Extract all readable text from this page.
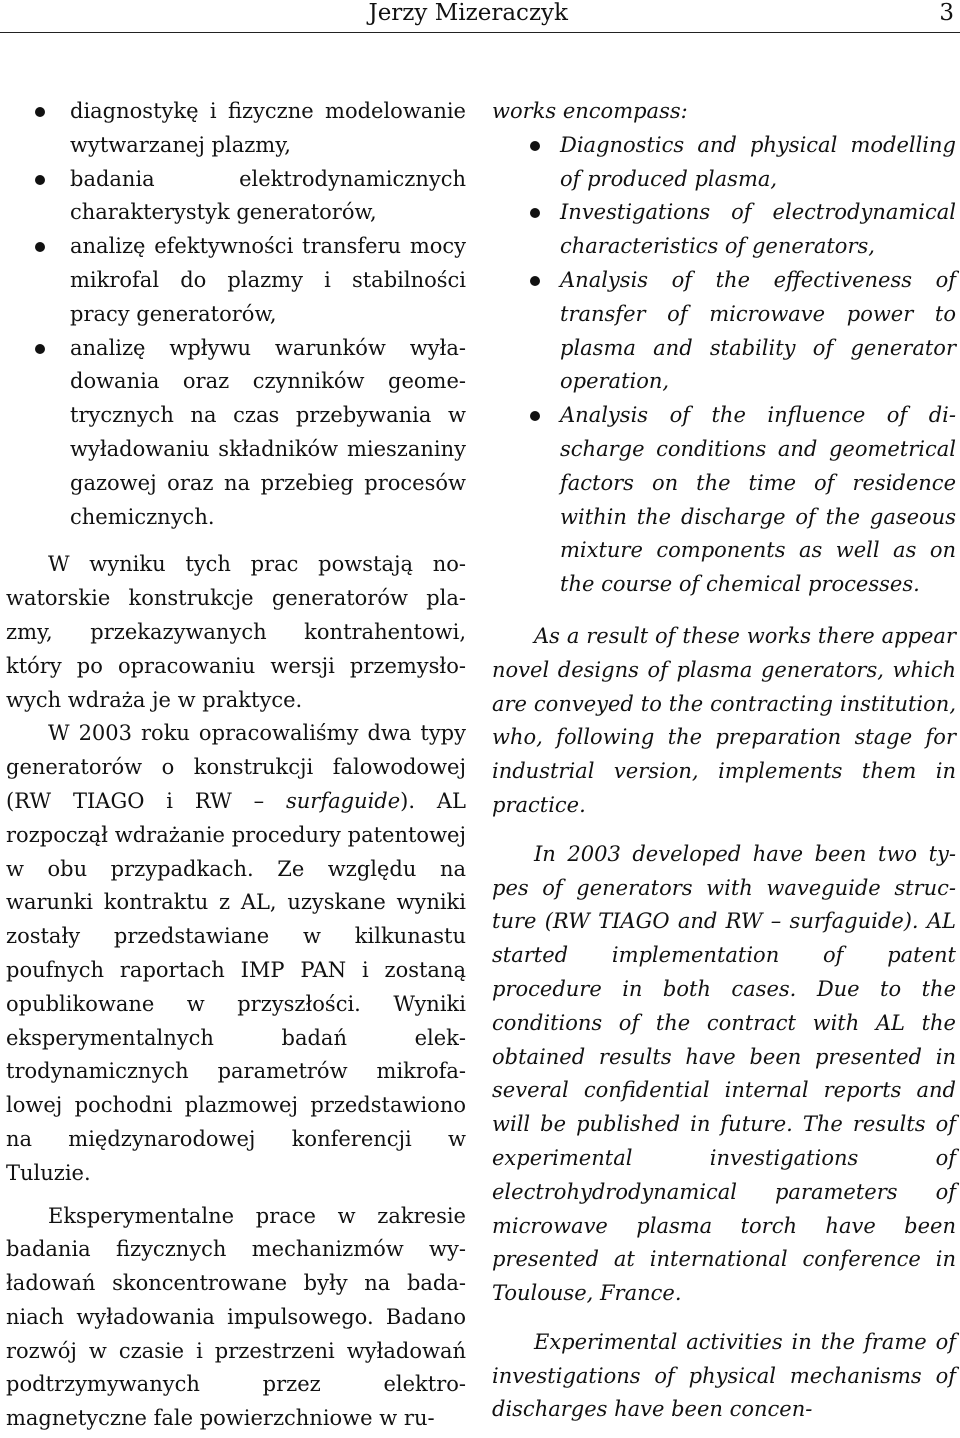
Jerzy Mizeraczyk	3
diagnostykę i fizyczne modelowanie wytwarzanej plazmy,
badania elektrodynamicznych charakterystyk generatorów,
analizę efektywności transferu mocy mikrofal do plazmy i stabilności pracy generatorów,
analizę wpływu warunków wyładowania oraz czynników geometrycznych na czas przebywania w wyładowaniu składników mieszaniny gazowej oraz na przebieg procesów chemicznych.

W wyniku tych prac powstają nowatorskie konstrukcje generatorów plazmy, przekazywanych kontrahentowi, który po opracowaniu wersji przemysłowych wdraża je w praktyce.

W 2003 roku opracowaliśmy dwa typy generatorów o konstrukcji falowodowej (RW TIAGO i RW – surfaguide). AL rozpoczął wdrażanie procedury patentowej w obu przypadkach. Ze względu na warunki kontraktu z AL, uzyskane wyniki zostały przedstawiane w kilkunastu poufnych raportach IMP PAN i zostaną opublikowane w przyszłości. Wyniki eksperymentalnych badań elektrodynamicznych parametrów mikrofalowej pochodni plazmowej przedstawiono na międzynarodowej konferencji w Tuluzie.

Eksperymentalne prace w zakresie badania fizycznych mechanizmów wyładowań skoncentrowane były na badaniach wyładowania impulsowego. Badano rozwój w czasie i przestrzeni wyładowań podtrzymywanych przez elektromagnetyczne fale powierzchniowe w ru-

works encompass:

Diagnostics and physical modelling of produced plasma,
Investigations of electrodynamical characteristics of generators,
Analysis of the effectiveness of transfer of microwave power to plasma and stability of generator operation,
Analysis of the influence of discharge conditions and geometrical factors on the time of residence within the discharge of the gaseous mixture components as well as on the course of chemical processes.

As a result of these works there appear novel designs of plasma generators, which are conveyed to the contracting institution, who, following the preparation stage for industrial version, implements them in practice.

In 2003 developed have been two types of generators with waveguide structure (RW TIAGO and RW – surfaguide). AL started implementation of patent procedure in both cases. Due to the conditions of the contract with AL the obtained results have been presented in several confidential internal reports and will be published in future. The results of experimental investigations of electrohydrodynamical parameters of microwave plasma torch have been presented at international conference in Toulouse, France.

Experimental activities in the frame of investigations of physical mechanisms of discharges have been concen-
